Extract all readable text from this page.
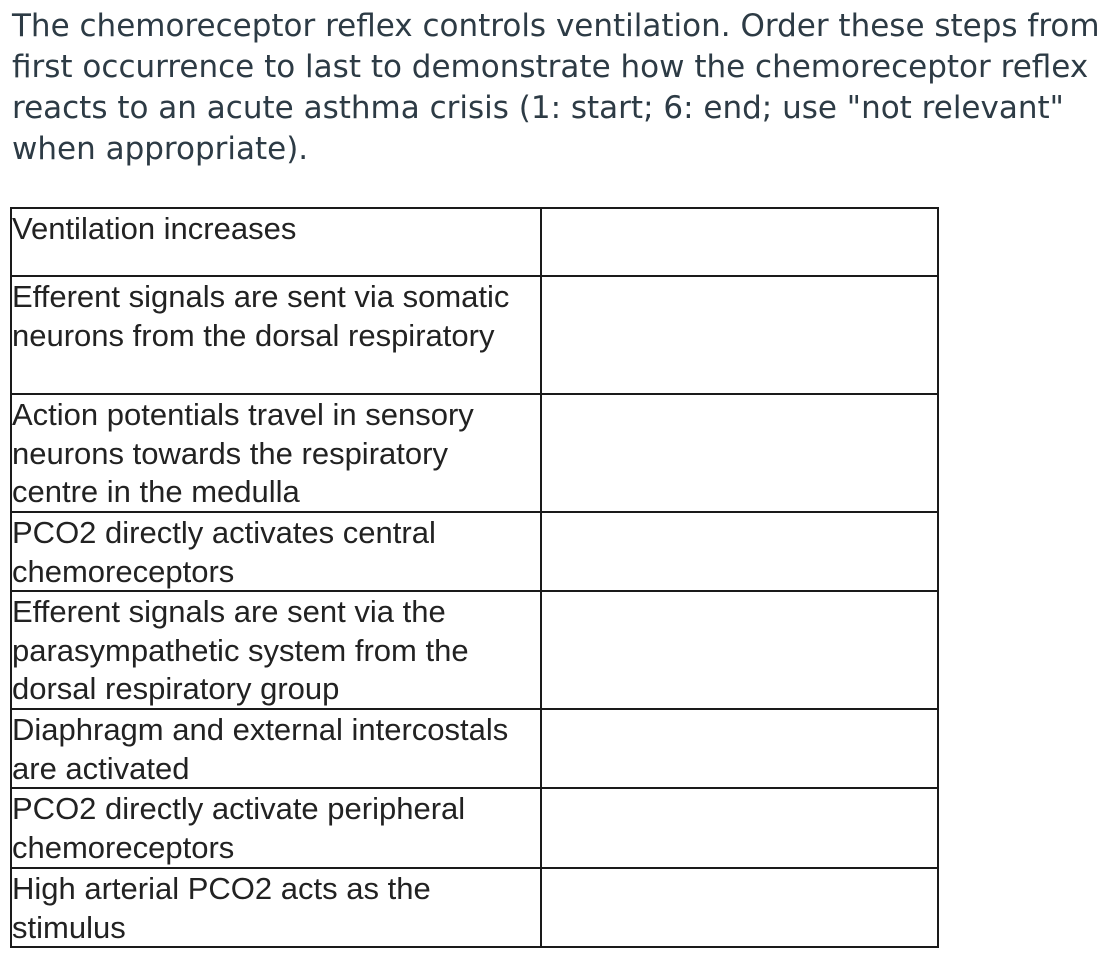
The chemoreceptor reflex controls ventilation. Order these steps from first occurrence to last to demonstrate how the chemoreceptor reflex reacts to an acute asthma crisis (1: start; 6: end; use "not relevant" when appropriate).

Ventilation increases	

Efferent signals are sent via somatic neurons from the dorsal respiratory	

Action potentials travel in sensory neurons towards the respiratory centre in the medulla	

PCO2 directly activates central chemoreceptors	

Efferent signals are sent via the parasympathetic system from the dorsal respiratory group	

Diaphragm and external intercostals are activated	

PCO2 directly activate peripheral chemoreceptors	

High arterial PCO2 acts as the stimulus	
